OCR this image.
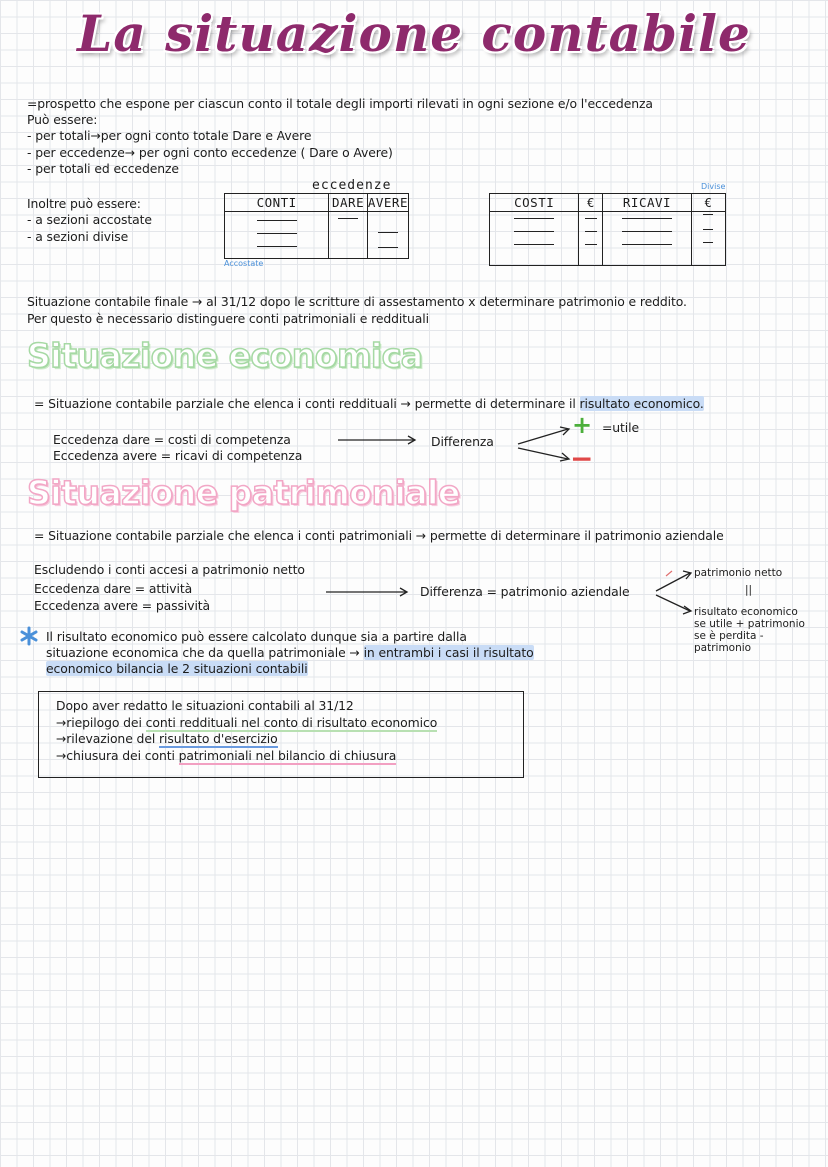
La situazione contabile
=prospetto che espone per ciascun conto il totale degli importi rilevati in ogni sezione e/o l'eccedenza
Può essere:
- per totali→per ogni conto totale Dare e Avere
- per eccedenze→ per ogni conto eccedenze ( Dare o Avere)
- per totali ed eccedenze
Inoltre può essere:
- a sezioni accostate
- a sezioni divise
eccedenze
CONTI	DARE	AVERE

Accostate
Divise
COSTI	€	RICAVI	€

Situazione contabile finale → al 31/12 dopo le scritture di assestamento x determinare patrimonio e reddito.
Per questo è necessario distinguere conti patrimoniali e reddituali
Situazione economica
= Situazione contabile parziale che elenca i conti reddituali → permette di determinare il risultato economico.
Eccedenza dare = costi di competenza
Eccedenza avere = ricavi di competenza
Differenza
+ =utile
−
Situazione patrimoniale
= Situazione contabile parziale che elenca i conti patrimoniali → permette di determinare il patrimonio aziendale
Escludendo i conti accesi a patrimonio netto
Eccedenza dare = attività
Eccedenza avere = passività
Differenza = patrimonio aziendale
patrimonio netto
||
risultato economico
se utile + patrimonio
se è perdita -
patrimonio
Il risultato economico può essere calcolato dunque sia a partire dalla
situazione economica che da quella patrimoniale → in entrambi i casi il risultato
economico bilancia le 2 situazioni contabili
Dopo aver redatto le situazioni contabili al 31/12
→riepilogo dei conti reddituali nel conto di risultato economico
→rilevazione del risultato d'esercizio
→chiusura dei conti patrimoniali nel bilancio di chiusura
